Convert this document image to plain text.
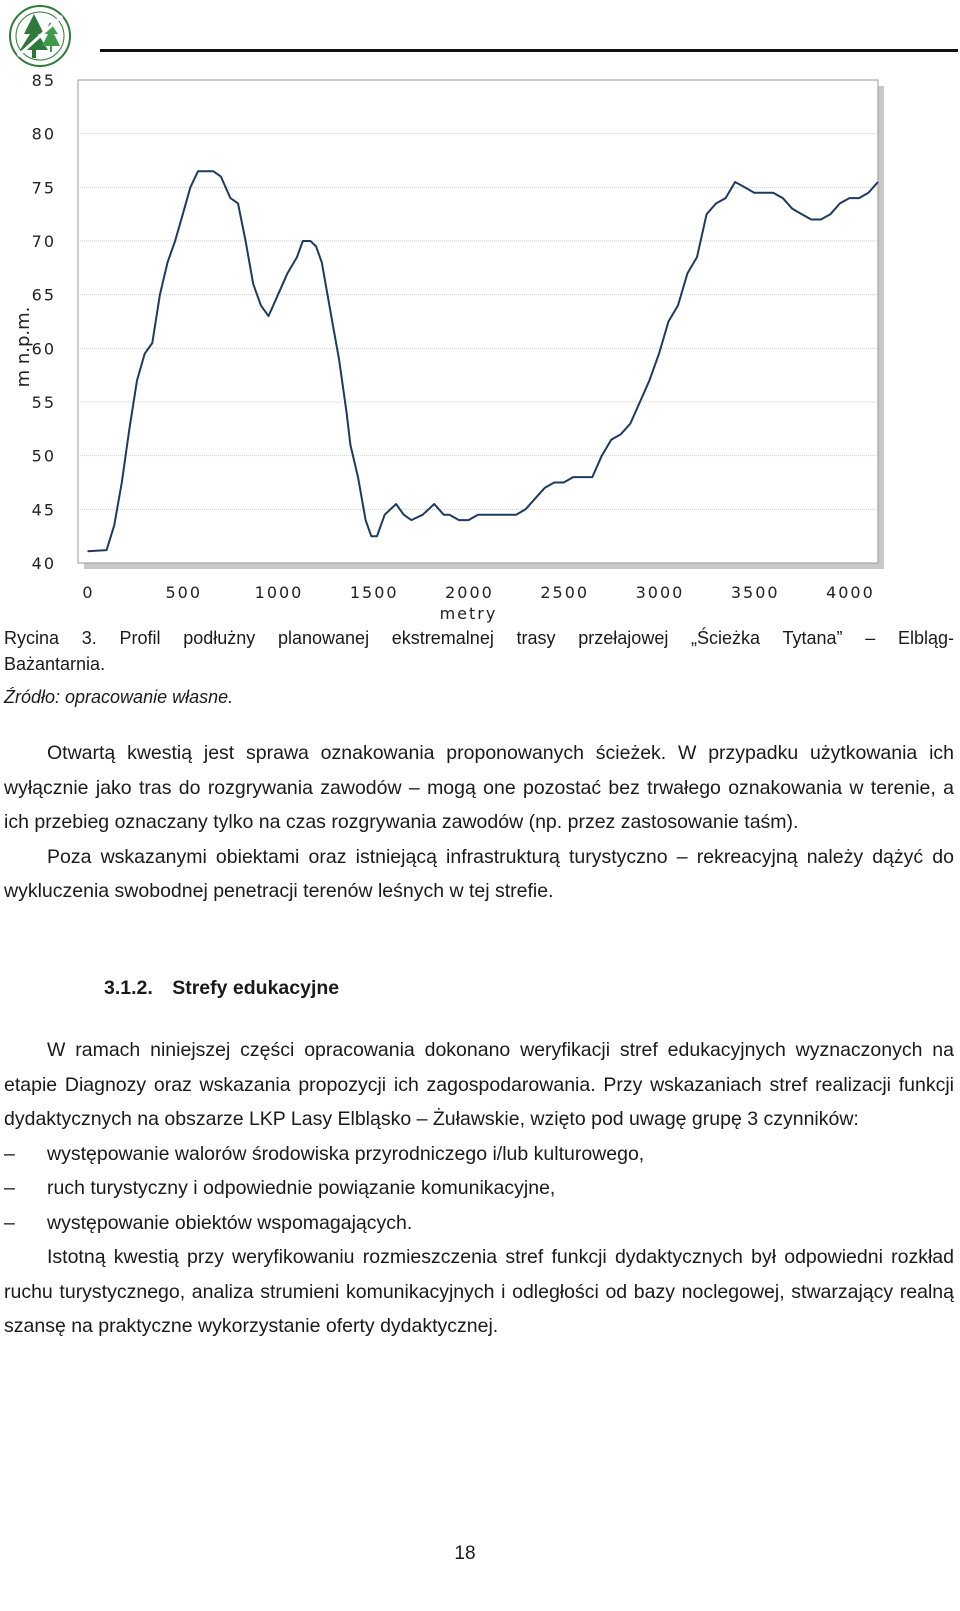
85
80
75
70
65
60
55
50
45
40
0	500	1000	1500	2000	2500	3000	3500	4000
metry
m n.p.m.
Rycina 3. Profil podłużny planowanej ekstremalnej trasy przełajowej „Ścieżka Tytana” – Elbląg-
Bażantarnia.
Źródło: opracowanie własne.

Otwartą kwestią jest sprawa oznakowania proponowanych ścieżek. W przypadku użytkowania ich wyłącznie jako tras do rozgrywania zawodów – mogą one pozostać bez trwałego oznakowania w terenie, a ich przebieg oznaczany tylko na czas rozgrywania zawodów (np. przez zastosowanie taśm).

Poza wskazanymi obiektami oraz istniejącą infrastrukturą turystyczno – rekreacyjną należy dążyć do wykluczenia swobodnej penetracji terenów leśnych w tej strefie.

3.1.2. Strefy edukacyjne

W ramach niniejszej części opracowania dokonano weryfikacji stref edukacyjnych wyznaczonych na etapie Diagnozy oraz wskazania propozycji ich zagospodarowania. Przy wskazaniach stref realizacji funkcji dydaktycznych na obszarze LKP Lasy Elbląsko – Żuławskie, wzięto pod uwagę grupę 3 czynników:

– występowanie walorów środowiska przyrodniczego i/lub kulturowego,
– ruch turystyczny i odpowiednie powiązanie komunikacyjne,
– występowanie obiektów wspomagających.

Istotną kwestią przy weryfikowaniu rozmieszczenia stref funkcji dydaktycznych był odpowiedni rozkład ruchu turystycznego, analiza strumieni komunikacyjnych i odległości od bazy noclegowej, stwarzający realną szansę na praktyczne wykorzystanie oferty dydaktycznej.

18
